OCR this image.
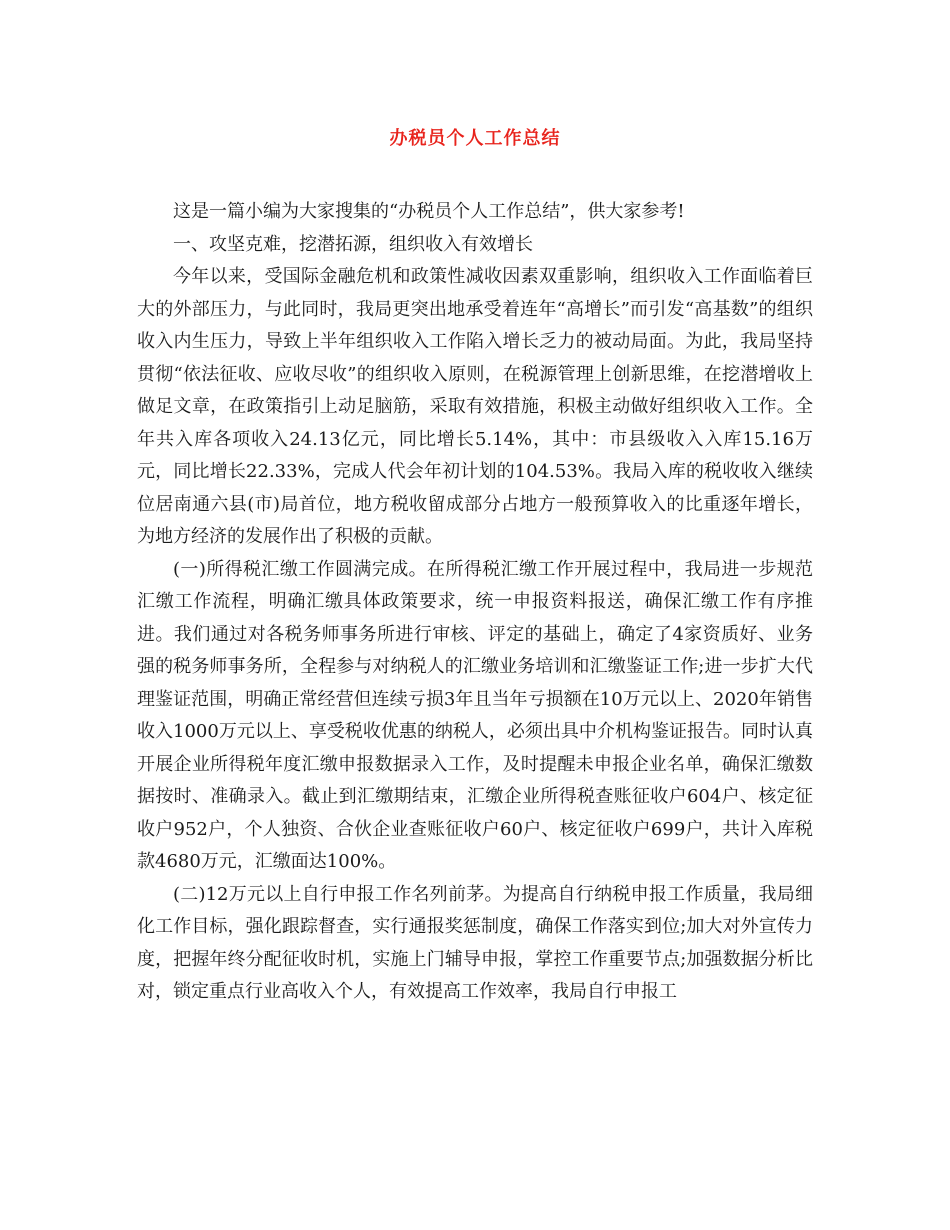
办税员个人工作总结

这是一篇小编为大家搜集的“办税员个人工作总结”，供大家参考!

一、攻坚克难，挖潜拓源，组织收入有效增长

今年以来，受国际金融危机和政策性减收因素双重影响，组织收入工作面临着巨大的外部压力，与此同时，我局更突出地承受着连年“高增长”而引发“高基数”的组织收入内生压力，导致上半年组织收入工作陷入增长乏力的被动局面。为此，我局坚持贯彻“依法征收、应收尽收”的组织收入原则，在税源管理上创新思维，在挖潜增收上做足文章，在政策指引上动足脑筋，采取有效措施，积极主动做好组织收入工作。全年共入库各项收入24.13亿元，同比增长5.14%，其中：市县级收入入库15.16万元，同比增长22.33%，完成人代会年初计划的104.53%。我局入库的税收收入继续位居南通六县(市)局首位，地方税收留成部分占地方一般预算收入的比重逐年增长，为地方经济的发展作出了积极的贡献。

(一)所得税汇缴工作圆满完成。在所得税汇缴工作开展过程中，我局进一步规范汇缴工作流程，明确汇缴具体政策要求，统一申报资料报送，确保汇缴工作有序推进。我们通过对各税务师事务所进行审核、评定的基础上，确定了4家资质好、业务强的税务师事务所，全程参与对纳税人的汇缴业务培训和汇缴鉴证工作;进一步扩大代理鉴证范围，明确正常经营但连续亏损3年且当年亏损额在10万元以上、2020年销售收入1000万元以上、享受税收优惠的纳税人，必须出具中介机构鉴证报告。同时认真开展企业所得税年度汇缴申报数据录入工作，及时提醒未申报企业名单，确保汇缴数据按时、准确录入。截止到汇缴期结束，汇缴企业所得税查账征收户604户、核定征收户952户，个人独资、合伙企业查账征收户60户、核定征收户699户，共计入库税款4680万元，汇缴面达100%。

(二)12万元以上自行申报工作名列前茅。为提高自行纳税申报工作质量，我局细化工作目标，强化跟踪督查，实行通报奖惩制度，确保工作落实到位;加大对外宣传力度，把握年终分配征收时机，实施上门辅导申报，掌控工作重要节点;加强数据分析比对，锁定重点行业高收入个人，有效提高工作效率，我局自行申报工
